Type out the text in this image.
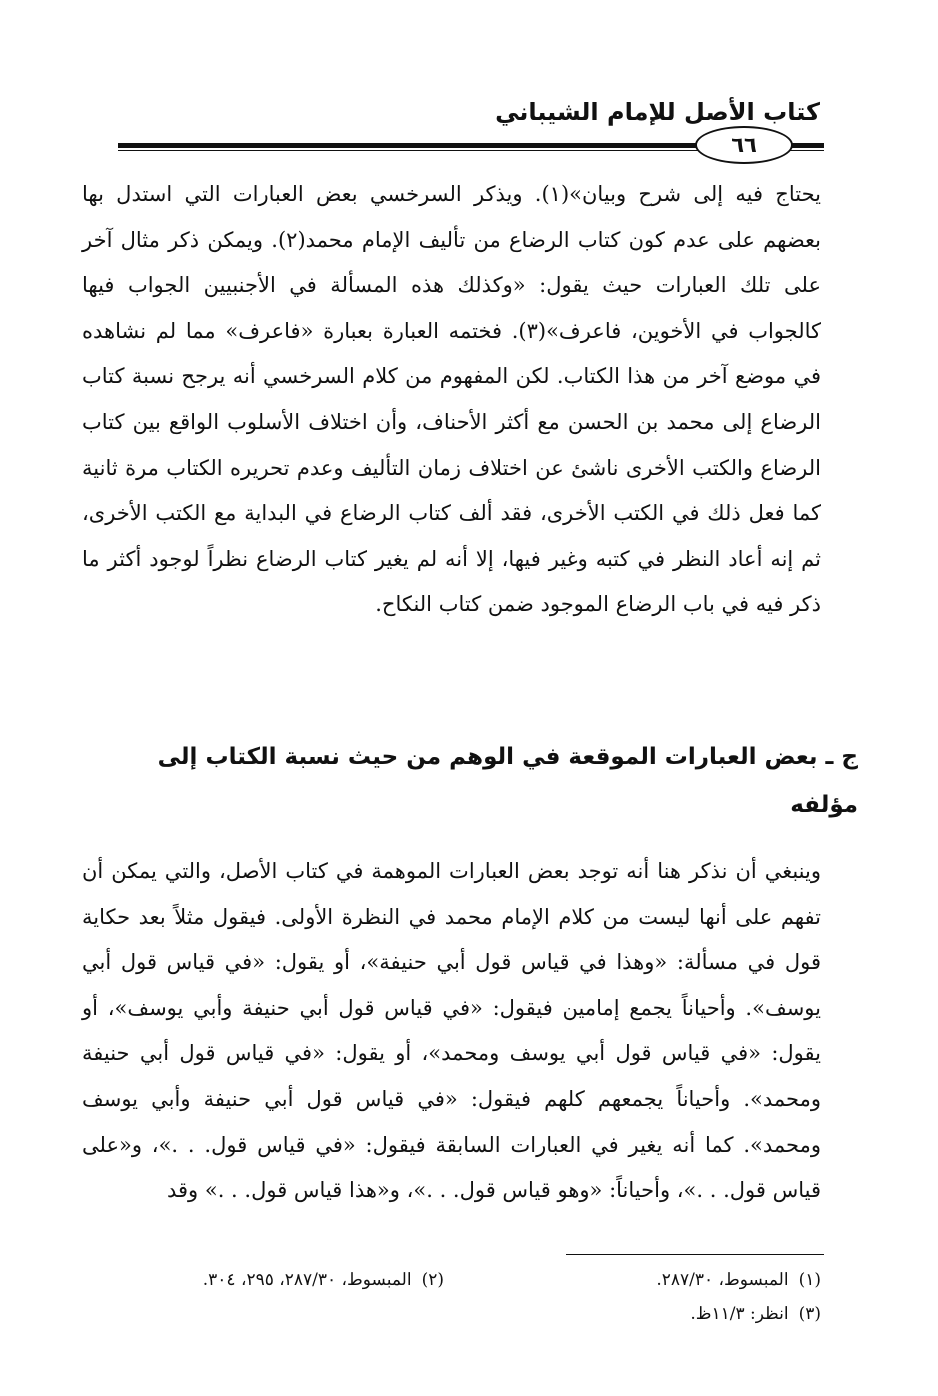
كتاب الأصل للإمام الشيباني
٦٦

يحتاج فيه إلى شرح وبيان»(١). ويذكر السرخسي بعض العبارات التي استدل بها بعضهم على عدم كون كتاب الرضاع من تأليف الإمام محمد(٢). ويمكن ذكر مثال آخر على تلك العبارات حيث يقول: «وكذلك هذه المسألة في الأجنبيين الجواب فيها كالجواب في الأخوين، فاعرف»(٣). فختمه العبارة بعبارة «فاعرف» مما لم نشاهده في موضع آخر من هذا الكتاب. لكن المفهوم من كلام السرخسي أنه يرجح نسبة كتاب الرضاع إلى محمد بن الحسن مع أكثر الأحناف، وأن اختلاف الأسلوب الواقع بين كتاب الرضاع والكتب الأخرى ناشئ عن اختلاف زمان التأليف وعدم تحريره الكتاب مرة ثانية كما فعل ذلك في الكتب الأخرى، فقد ألف كتاب الرضاع في البداية مع الكتب الأخرى، ثم إنه أعاد النظر في كتبه وغير فيها، إلا أنه لم يغير كتاب الرضاع نظراً لوجود أكثر ما ذكر فيه في باب الرضاع الموجود ضمن كتاب النكاح.

ج ـ بعض العبارات الموقعة في الوهم من حيث نسبة الكتاب إلى مؤلفه

وينبغي أن نذكر هنا أنه توجد بعض العبارات الموهمة في كتاب الأصل، والتي يمكن أن تفهم على أنها ليست من كلام الإمام محمد في النظرة الأولى. فيقول مثلاً بعد حكاية قول في مسألة: «وهذا في قياس قول أبي حنيفة»، أو يقول: «في قياس قول أبي يوسف». وأحياناً يجمع إمامين فيقول: «في قياس قول أبي حنيفة وأبي يوسف»، أو يقول: «في قياس قول أبي يوسف ومحمد»، أو يقول: «في قياس قول أبي حنيفة ومحمد». وأحياناً يجمعهم كلهم فيقول: «في قياس قول أبي حنيفة وأبي يوسف ومحمد». كما أنه يغير في العبارات السابقة فيقول: «في قياس قول. . .»، و«على قياس قول. . .»، وأحياناً: «وهو قياس قول. . .»، و«هذا قياس قول. . .» وقد

(١)المبسوط، ٢٨٧/٣٠.
(٢)المبسوط، ٢٨٧/٣٠، ٢٩٥، ٣٠٤.
(٣)انظر: ١١/٣ظ.
